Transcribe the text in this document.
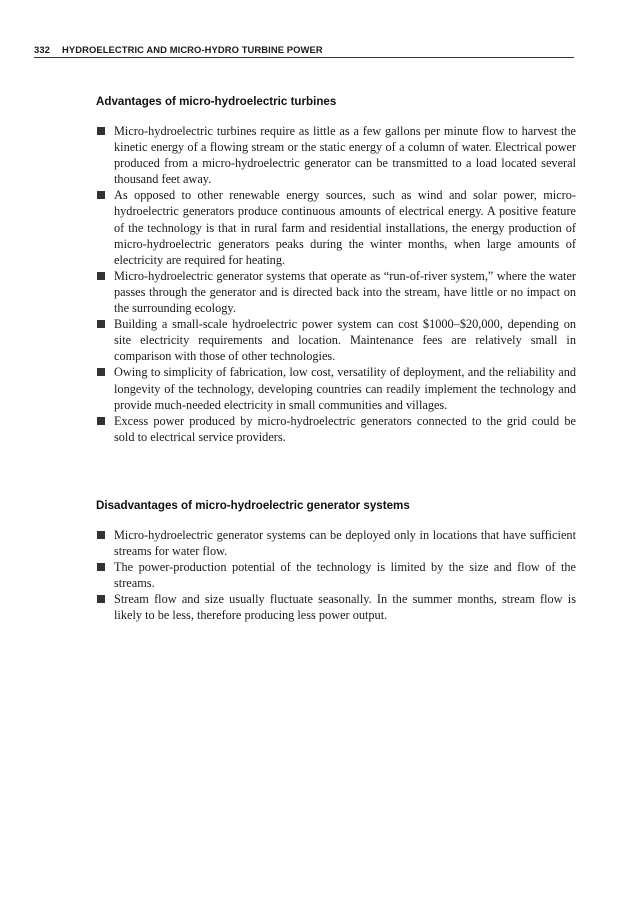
332 HYDROELECTRIC AND MICRO-HYDRO TURBINE POWER
Advantages of micro-hydroelectric turbines
Micro-hydroelectric turbines require as little as a few gallons per minute flow to harvest the kinetic energy of a flowing stream or the static energy of a column of water. Electrical power produced from a micro-hydroelectric generator can be transmitted to a load located several thousand feet away.
As opposed to other renewable energy sources, such as wind and solar power, micro-hydroelectric generators produce continuous amounts of electrical energy. A positive feature of the technology is that in rural farm and residential installations, the energy production of micro-hydroelectric generators peaks during the winter months, when large amounts of electricity are required for heating.
Micro-hydroelectric generator systems that operate as “run-of-river system,” where the water passes through the generator and is directed back into the stream, have little or no impact on the surrounding ecology.
Building a small-scale hydroelectric power system can cost $1000–$20,000, depending on site electricity requirements and location. Maintenance fees are relatively small in comparison with those of other technologies.
Owing to simplicity of fabrication, low cost, versatility of deployment, and the reliability and longevity of the technology, developing countries can readily implement the technology and provide much-needed electricity in small communities and villages.
Excess power produced by micro-hydroelectric generators connected to the grid could be sold to electrical service providers.
Disadvantages of micro-hydroelectric generator systems
Micro-hydroelectric generator systems can be deployed only in locations that have sufficient streams for water flow.
The power-production potential of the technology is limited by the size and flow of the streams.
Stream flow and size usually fluctuate seasonally. In the summer months, stream flow is likely to be less, therefore producing less power output.
